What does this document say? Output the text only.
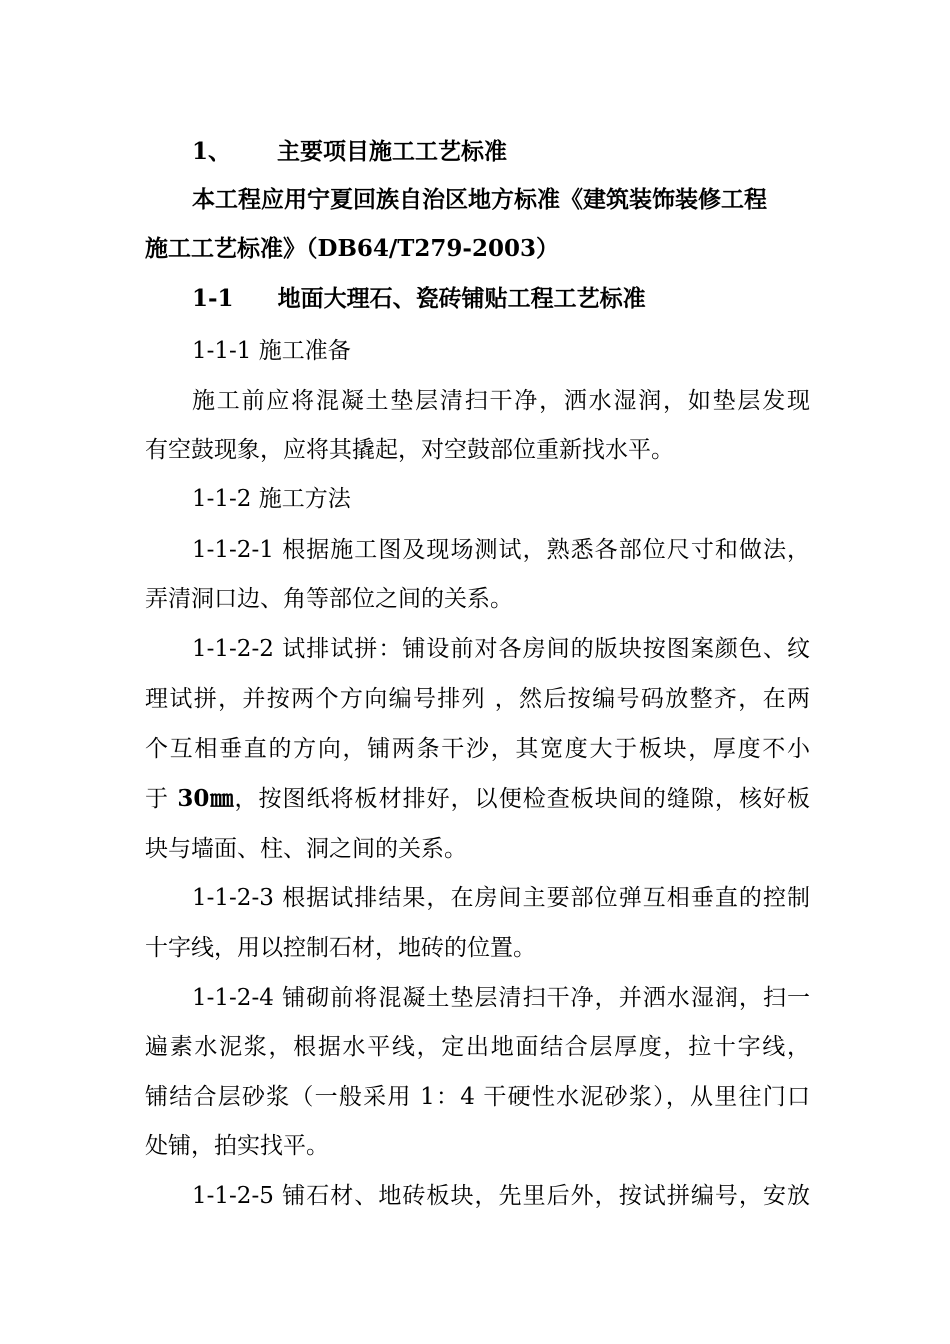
1、 主要项目施工工艺标准
本工程应用宁夏回族自治区地方标准《建筑装饰装修工程
施工工艺标准》（DB64/T279-2003）
1-1 地面大理石、瓷砖铺贴工程工艺标准
1-1-1 施工准备
施工前应将混凝土垫层清扫干净，洒水湿润，如垫层发现
有空鼓现象，应将其撬起，对空鼓部位重新找水平。
1-1-2 施工方法
1-1-2-1 根据施工图及现场测试，熟悉各部位尺寸和做法，
弄清洞口边、角等部位之间的关系。
1-1-2-2 试排试拼：铺设前对各房间的版块按图案颜色、纹
理试拼，并按两个方向编号排列 ，然后按编号码放整齐，在两
个互相垂直的方向，铺两条干沙，其宽度大于板块，厚度不小
于 30㎜，按图纸将板材排好，以便检查板块间的缝隙，核好板
块与墙面、柱、洞之间的关系。
1-1-2-3 根据试排结果，在房间主要部位弹互相垂直的控制
十字线，用以控制石材，地砖的位置。
1-1-2-4 铺砌前将混凝土垫层清扫干净，并洒水湿润，扫一
遍素水泥浆，根据水平线，定出地面结合层厚度，拉十字线，
铺结合层砂浆（一般采用 1：4 干硬性水泥砂浆），从里往门口
处铺，拍实找平。
1-1-2-5 铺石材、地砖板块，先里后外，按试拼编号，安放
